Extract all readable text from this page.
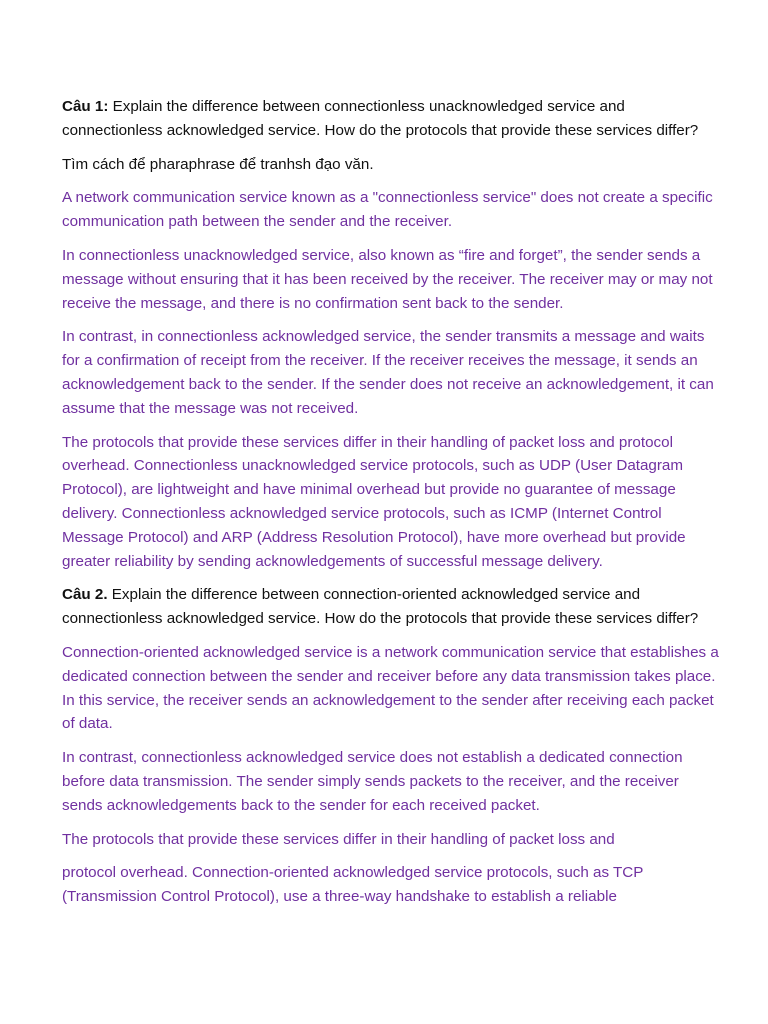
Câu 1: Explain the difference between connectionless unacknowledged service and connectionless acknowledged service. How do the protocols that provide these services differ?

Tìm cách để pharaphrase để tranhsh đạo văn.

A network communication service known as a "connectionless service" does not create a specific communication path between the sender and the receiver.

In connectionless unacknowledged service, also known as “fire and forget”, the sender sends a message without ensuring that it has been received by the receiver. The receiver may or may not receive the message, and there is no confirmation sent back to the sender.

In contrast, in connectionless acknowledged service, the sender transmits a message and waits for a confirmation of receipt from the receiver. If the receiver receives the message, it sends an acknowledgement back to the sender. If the sender does not receive an acknowledgement, it can assume that the message was not received.

The protocols that provide these services differ in their handling of packet loss and protocol overhead. Connectionless unacknowledged service protocols, such as UDP (User Datagram Protocol), are lightweight and have minimal overhead but provide no guarantee of message delivery. Connectionless acknowledged service protocols, such as ICMP (Internet Control Message Protocol) and ARP (Address Resolution Protocol), have more overhead but provide greater reliability by sending acknowledgements of successful message delivery.

Câu 2. Explain the difference between connection-oriented acknowledged service and connectionless acknowledged service. How do the protocols that provide these services differ?

Connection-oriented acknowledged service is a network communication service that establishes a dedicated connection between the sender and receiver before any data transmission takes place. In this service, the receiver sends an acknowledgement to the sender after receiving each packet of data.

In contrast, connectionless acknowledged service does not establish a dedicated connection before data transmission. The sender simply sends packets to the receiver, and the receiver sends acknowledgements back to the sender for each received packet.

The protocols that provide these services differ in their handling of packet loss and

protocol overhead. Connection-oriented acknowledged service protocols, such as TCP (Transmission Control Protocol), use a three-way handshake to establish a reliable
